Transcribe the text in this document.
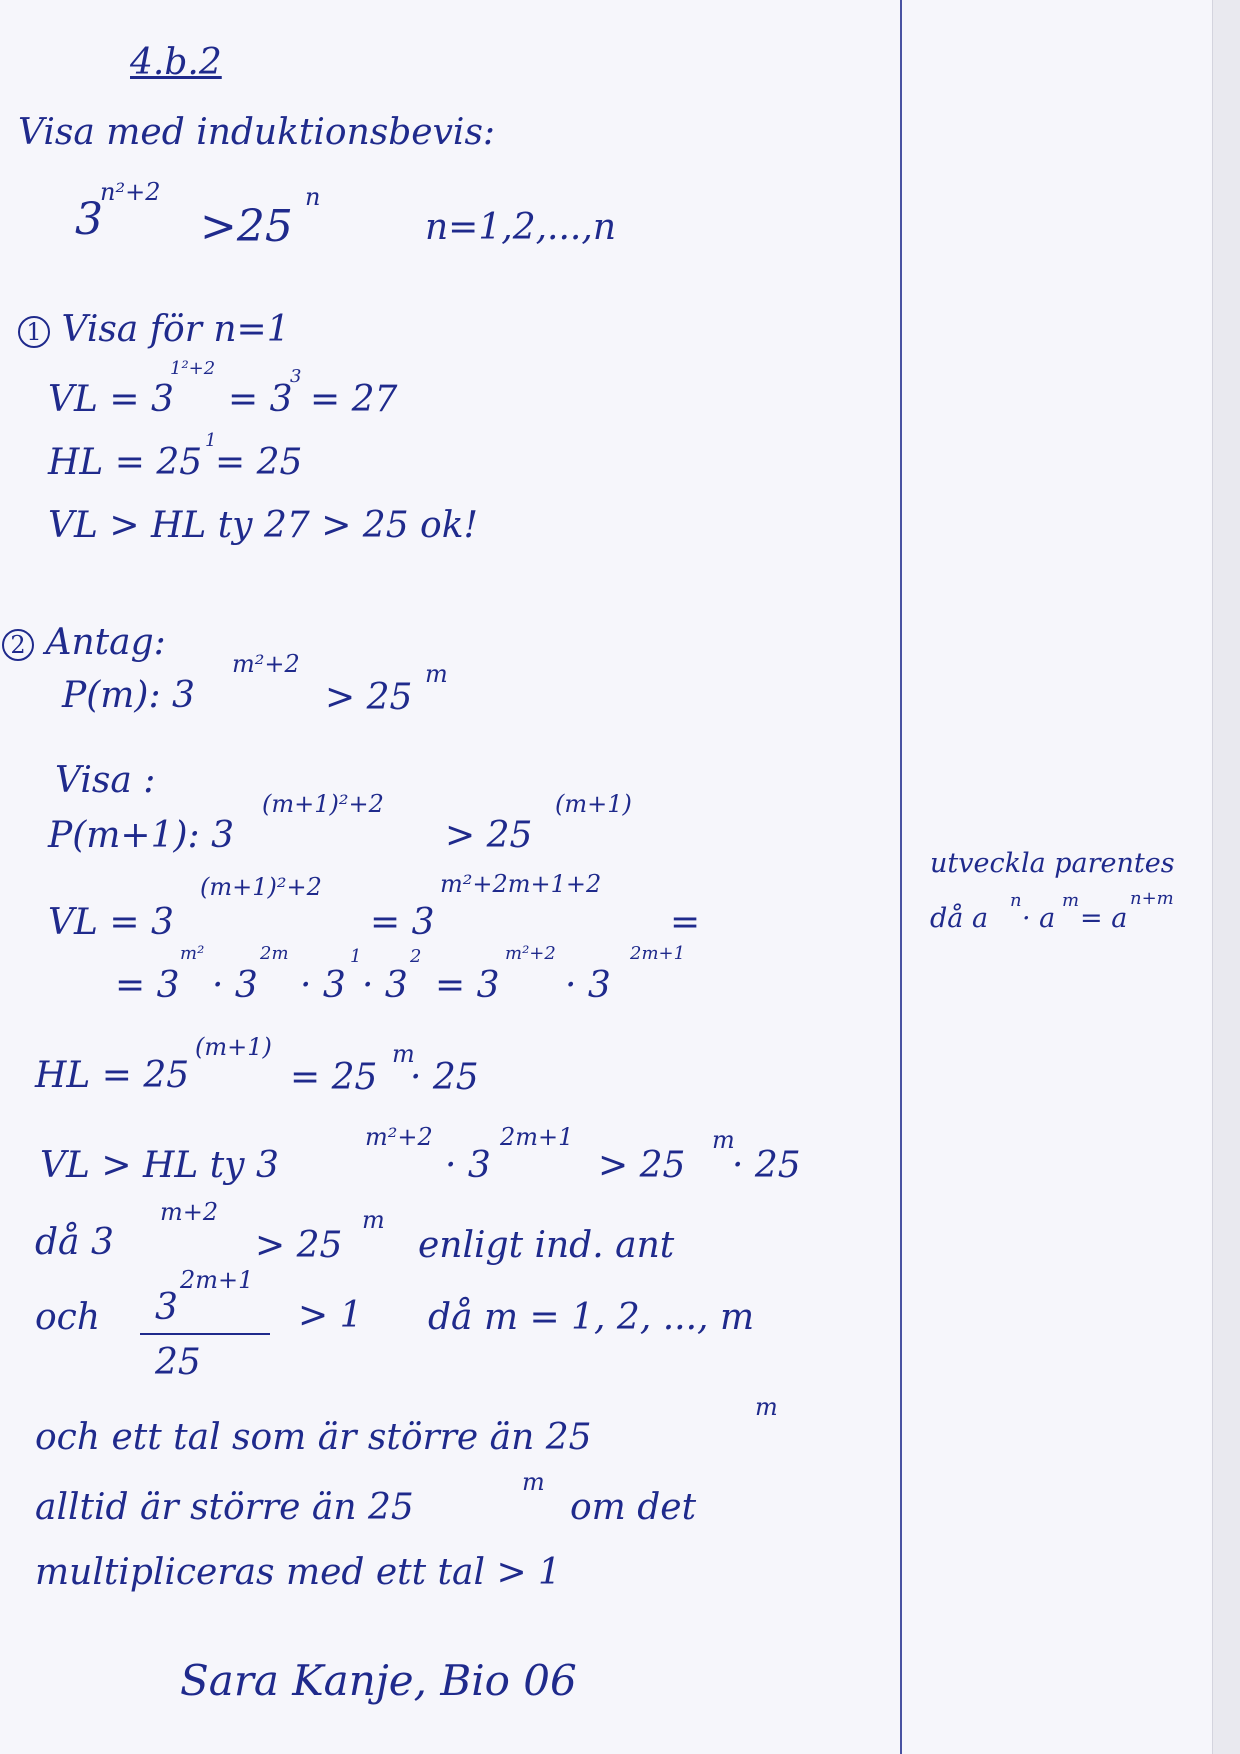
4.b.2
Visa med induktionsbevis:
3
n²+2
>25
n
n=1,2,...,n
1 Visa för n=1
VL = 3
1²+2
= 3
3
= 27
HL = 25
1
= 25
VL > HL ty 27 > 25 ok!
2 Antag:
P(m): 3
m²+2
> 25
m
Visa :
P(m+1): 3
(m+1)²+2
> 25
(m+1)
VL = 3
(m+1)²+2
= 3
m²+2m+1+2
=
= 3
m²
· 3
2m
· 3
1
· 3
2
= 3
m²+2
· 3
2m+1
HL = 25
(m+1)
= 25
m
· 25
VL > HL ty 3
m²+2
· 3
2m+1
> 25
m
· 25
då 3
m+2
> 25
m
enligt ind. ant
och 3
2m+1
25
> 1 då m = 1, 2, ..., m
och ett tal som är större än 25
m
alltid är större än 25
m
om det
multipliceras med ett tal > 1
Sara Kanje, Bio 06
utveckla parentes
då a
n
· a
m
= a
n+m
